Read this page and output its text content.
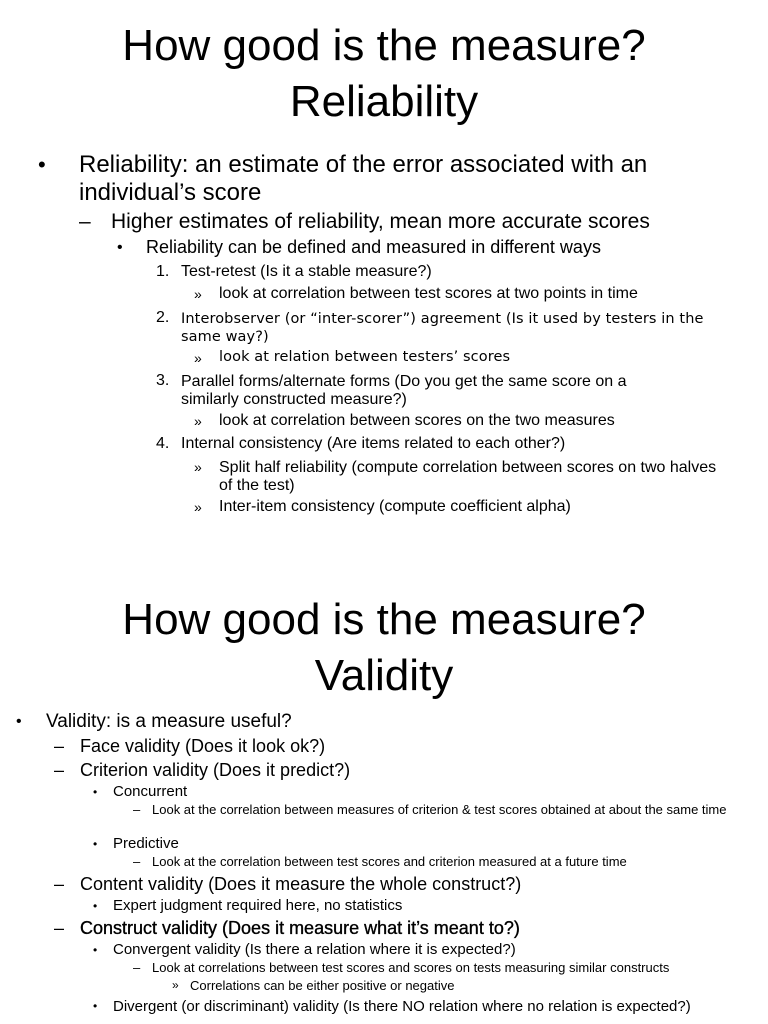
How good is the measure?
Reliability
• Reliability: an estimate of the error associated with an individual’s score
– Higher estimates of reliability, mean more accurate scores
• Reliability can be defined and measured in different ways
1. Test-retest (Is it a stable measure?)
» look at correlation between test scores at two points in time
2. Interobserver (or “inter-scorer”) agreement (Is it used by testers in the same way?)
» look at relation between testers’ scores
3. Parallel forms/alternate forms (Do you get the same score on a similarly constructed measure?)
» look at correlation between scores on the two measures
4. Internal consistency (Are items related to each other?)
» Split half reliability (compute correlation between scores on two halves of the test)
» Inter-item consistency (compute coefficient alpha)
How good is the measure?
Validity
• Validity: is a measure useful?
– Face validity (Does it look ok?)
– Criterion validity (Does it predict?)
• Concurrent
– Look at the correlation between measures of criterion & test scores obtained at about the same time
• Predictive
– Look at the correlation between test scores and criterion measured at a future time
– Content validity (Does it measure the whole construct?)
• Expert judgment required here, no statistics
– Construct validity (Does it measure what it’s meant to?)
• Convergent validity (Is there a relation where it is expected?)
– Look at correlations between test scores and scores on tests measuring similar constructs
» Correlations can be either positive or negative
• Divergent (or discriminant) validity (Is there NO relation where no relation is expected?)
